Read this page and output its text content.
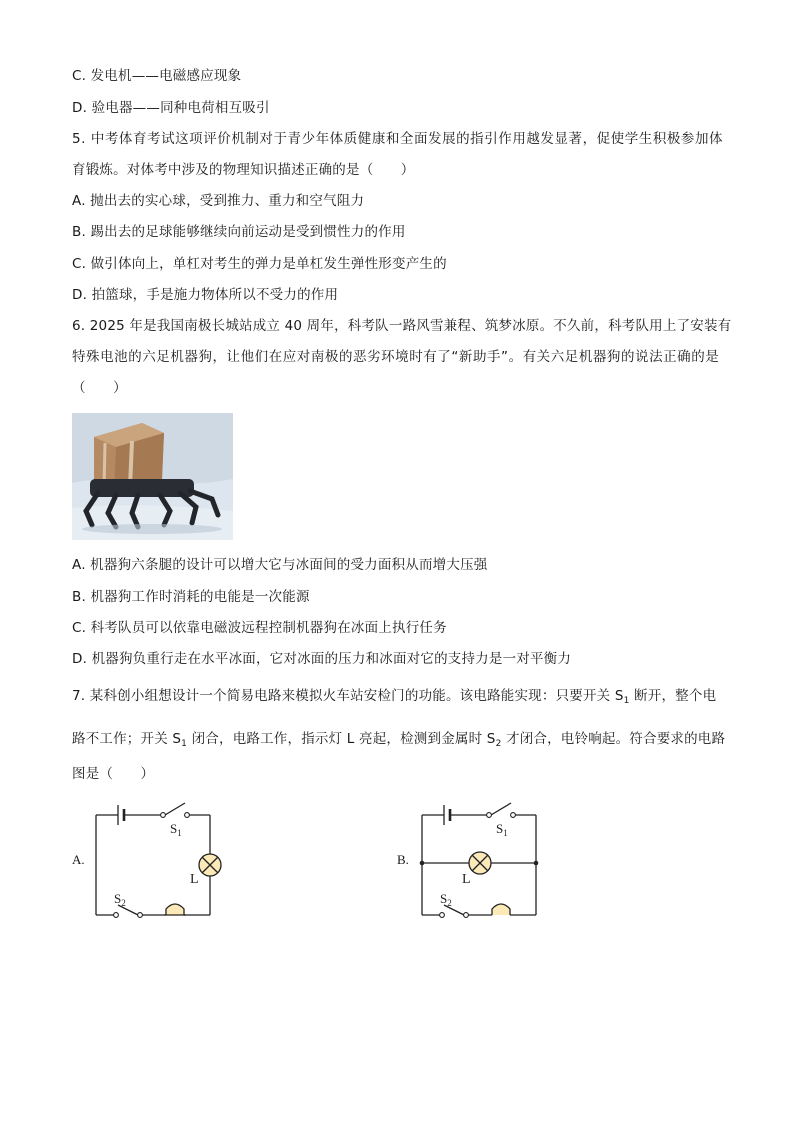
C. 发电机——电磁感应现象
D. 验电器——同种电荷相互吸引
5. 中考体育考试这项评价机制对于青少年体质健康和全面发展的指引作用越发显著，促使学生积极参加体
育锻炼。对体考中涉及的物理知识描述正确的是（　　）
A. 抛出去的实心球，受到推力、重力和空气阻力
B. 踢出去的足球能够继续向前运动是受到惯性力的作用
C. 做引体向上，单杠对考生的弹力是单杠发生弹性形变产生的
D. 拍篮球，手是施力物体所以不受力的作用
6. 2025 年是我国南极长城站成立 40 周年，科考队一路风雪兼程、筑梦冰原。不久前，科考队用上了安装有
特殊电池的六足机器狗，让他们在应对南极的恶劣环境时有了“新助手”。有关六足机器狗的说法正确的是
（　　）
A. 机器狗六条腿的设计可以增大它与冰面间的受力面积从而增大压强
B. 机器狗工作时消耗的电能是一次能源
C. 科考队员可以依靠电磁波远程控制机器狗在冰面上执行任务
D. 机器狗负重行走在水平冰面，它对冰面的压力和冰面对它的支持力是一对平衡力
7. 某科创小组想设计一个简易电路来模拟火车站安检门的功能。该电路能实现：只要开关 $S_1$ 断开，整个电
路不工作；开关 $S_1$ 闭合，电路工作，指示灯 L 亮起，检测到金属时 $S_2$ 才闭合，电铃响起。符合要求的电路
图是（　　）
A.
$S_1$
L
$S_2$
B.
$S_1$
L
$S_2$
